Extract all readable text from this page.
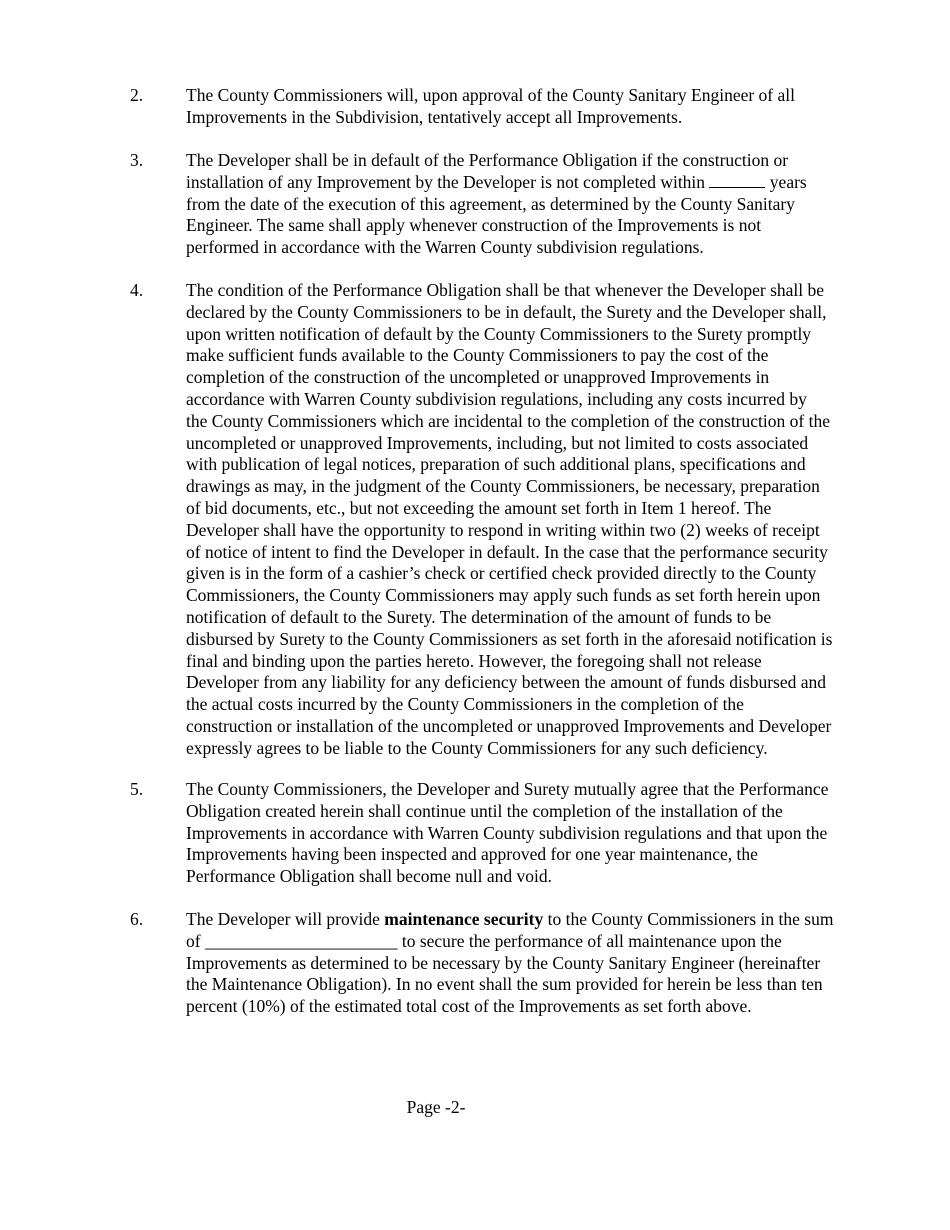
2.	The County Commissioners will, upon approval of the County Sanitary Engineer of all
Improvements in the Subdivision, tentatively accept all Improvements.
3.	The Developer shall be in default of the Performance Obligation if the construction or
installation of any Improvement by the Developer is not completed within	years
from the date of the execution of this agreement, as determined by the County Sanitary
Engineer. The same shall apply whenever construction of the Improvements is not
performed in accordance with the Warren County subdivision regulations.
4.	The condition of the Performance Obligation shall be that whenever the Developer shall be
declared by the County Commissioners to be in default, the Surety and the Developer shall,
upon written notification of default by the County Commissioners to the Surety promptly
make sufficient funds available to the County Commissioners to pay the cost of the
completion of the construction of the uncompleted or unapproved Improvements in
accordance with Warren County subdivision regulations, including any costs incurred by
the County Commissioners which are incidental to the completion of the construction of the
uncompleted or unapproved Improvements, including, but not limited to costs associated
with publication of legal notices, preparation of such additional plans, specifications and
drawings as may, in the judgment of the County Commissioners, be necessary, preparation
of bid documents, etc., but not exceeding the amount set forth in Item 1 hereof. The
Developer shall have the opportunity to respond in writing within two (2) weeks of receipt
of notice of intent to find the Developer in default. In the case that the performance security
given is in the form of a cashier’s check or certified check provided directly to the County
Commissioners, the County Commissioners may apply such funds as set forth herein upon
notification of default to the Surety. The determination of the amount of funds to be
disbursed by Surety to the County Commissioners as set forth in the aforesaid notification is
final and binding upon the parties hereto. However, the foregoing shall not release
Developer from any liability for any deficiency between the amount of funds disbursed and
the actual costs incurred by the County Commissioners in the completion of the
construction or installation of the uncompleted or unapproved Improvements and Developer
expressly agrees to be liable to the County Commissioners for any such deficiency.
5.	The County Commissioners, the Developer and Surety mutually agree that the Performance
Obligation created herein shall continue until the completion of the installation of the
Improvements in accordance with Warren County subdivision regulations and that upon the
Improvements having been inspected and approved for one year maintenance, the
Performance Obligation shall become null and void.
6.	The Developer will provide maintenance security to the County Commissioners in the sum
of ______________________ to secure the performance of all maintenance upon the
Improvements as determined to be necessary by the County Sanitary Engineer (hereinafter
the Maintenance Obligation). In no event shall the sum provided for herein be less than ten
percent (10%) of the estimated total cost of the Improvements as set forth above.
Page -2-
